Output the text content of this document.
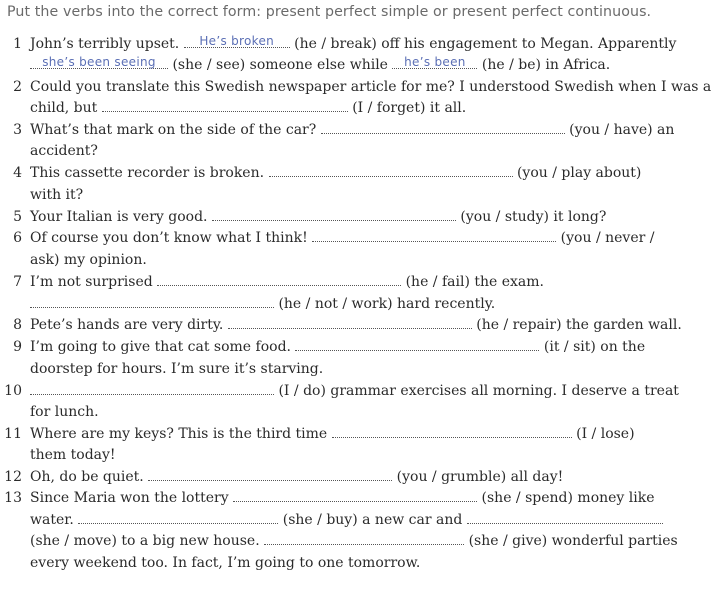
Put the verbs into the correct form: present perfect simple or present perfect continuous.
1 John’s terribly upset.	He’s broken	(he / break) off his engagement to Megan. Apparently
she’s been seeing	(she / see) someone else while	he’s been	(he / be) in Africa.
2 Could you translate this Swedish newspaper article for me? I understood Swedish when I was a
child, but	(I / forget) it all.
3 What’s that mark on the side of the car?	(you / have) an
accident?
4 This cassette recorder is broken.	(you / play about)
with it?
5 Your Italian is very good.	(you / study) it long?
6 Of course you don’t know what I think!	(you / never /
ask) my opinion.
7 I’m not surprised	(he / fail) the exam.
(he / not / work) hard recently.
8 Pete’s hands are very dirty.	(he / repair) the garden wall.
9 I’m going to give that cat some food.	(it / sit) on the
doorstep for hours. I’m sure it’s starving.
10	(I / do) grammar exercises all morning. I deserve a treat
for lunch.
11 Where are my keys? This is the third time	(I / lose)
them today!
12 Oh, do be quiet.	(you / grumble) all day!
13 Since Maria won the lottery	(she / spend) money like
water.	(she / buy) a new car and
(she / move) to a big new house.	(she / give) wonderful parties
every weekend too. In fact, I’m going to one tomorrow.
